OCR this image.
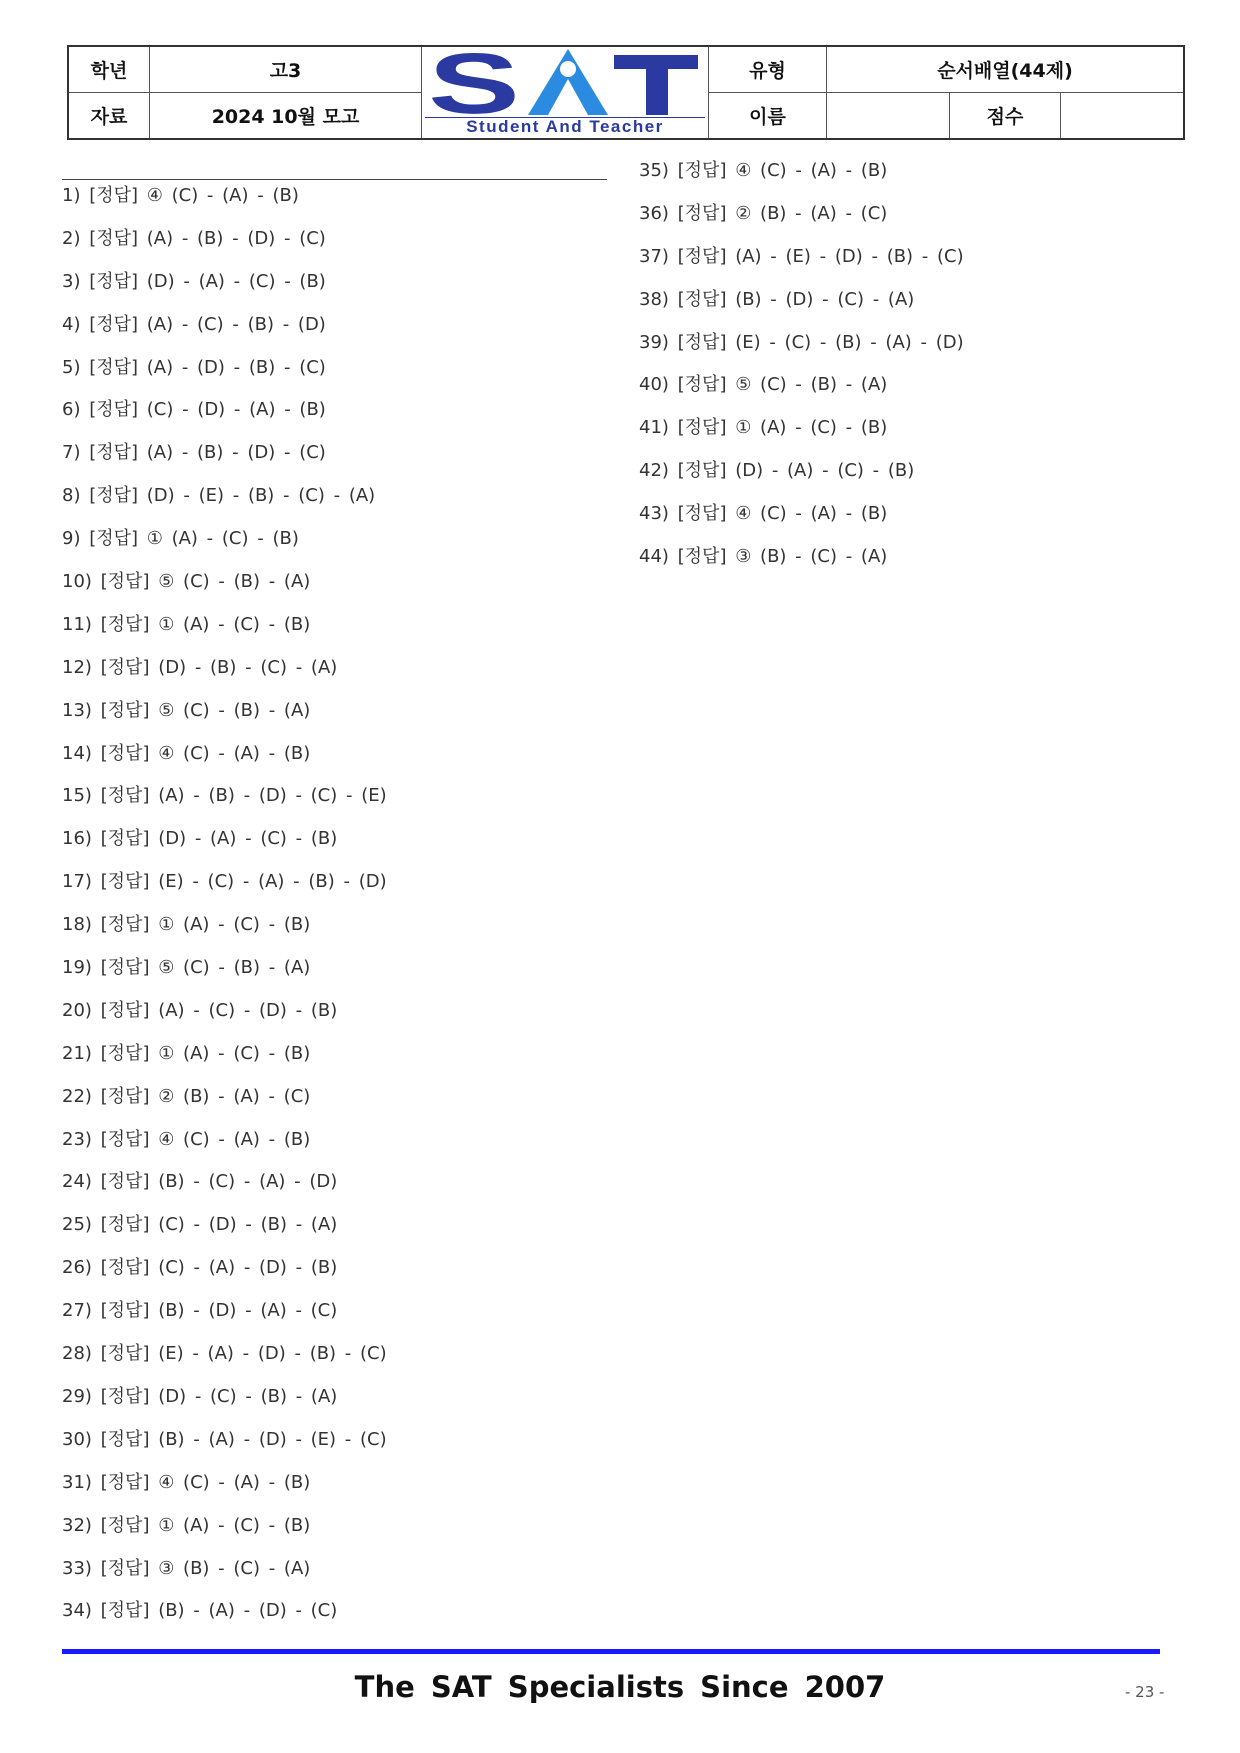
학년	고3	S
Student And Teacher
유형	순서배열(44제)
자료	2024 10월 모고	이름	점수
1) [정답] ④ (C) - (A) - (B)
2) [정답] (A) - (B) - (D) - (C)
3) [정답] (D) - (A) - (C) - (B)
4) [정답] (A) - (C) - (B) - (D)
5) [정답] (A) - (D) - (B) - (C)
6) [정답] (C) - (D) - (A) - (B)
7) [정답] (A) - (B) - (D) - (C)
8) [정답] (D) - (E) - (B) - (C) - (A)
9) [정답] ① (A) - (C) - (B)
10) [정답] ⑤ (C) - (B) - (A)
11) [정답] ① (A) - (C) - (B)
12) [정답] (D) - (B) - (C) - (A)
13) [정답] ⑤ (C) - (B) - (A)
14) [정답] ④ (C) - (A) - (B)
15) [정답] (A) - (B) - (D) - (C) - (E)
16) [정답] (D) - (A) - (C) - (B)
17) [정답] (E) - (C) - (A) - (B) - (D)
18) [정답] ① (A) - (C) - (B)
19) [정답] ⑤ (C) - (B) - (A)
20) [정답] (A) - (C) - (D) - (B)
21) [정답] ① (A) - (C) - (B)
22) [정답] ② (B) - (A) - (C)
23) [정답] ④ (C) - (A) - (B)
24) [정답] (B) - (C) - (A) - (D)
25) [정답] (C) - (D) - (B) - (A)
26) [정답] (C) - (A) - (D) - (B)
27) [정답] (B) - (D) - (A) - (C)
28) [정답] (E) - (A) - (D) - (B) - (C)
29) [정답] (D) - (C) - (B) - (A)
30) [정답] (B) - (A) - (D) - (E) - (C)
31) [정답] ④ (C) - (A) - (B)
32) [정답] ① (A) - (C) - (B)
33) [정답] ③ (B) - (C) - (A)
34) [정답] (B) - (A) - (D) - (C)
35) [정답] ④ (C) - (A) - (B)
36) [정답] ② (B) - (A) - (C)
37) [정답] (A) - (E) - (D) - (B) - (C)
38) [정답] (B) - (D) - (C) - (A)
39) [정답] (E) - (C) - (B) - (A) - (D)
40) [정답] ⑤ (C) - (B) - (A)
41) [정답] ① (A) - (C) - (B)
42) [정답] (D) - (A) - (C) - (B)
43) [정답] ④ (C) - (A) - (B)
44) [정답] ③ (B) - (C) - (A)
The SAT Specialists Since 2007	- 23 -
